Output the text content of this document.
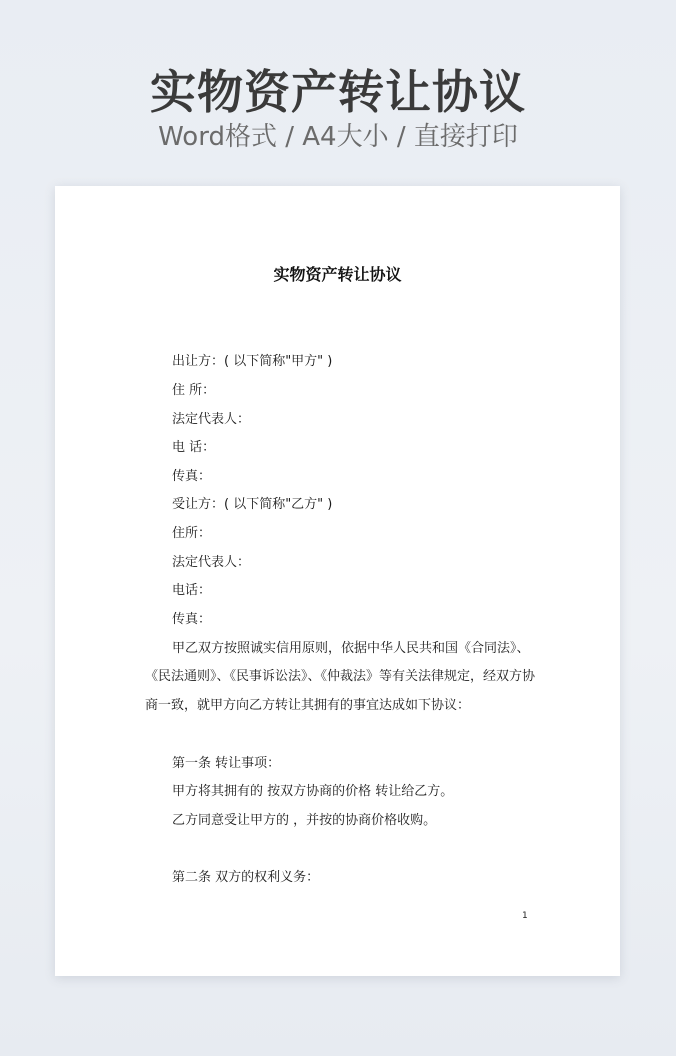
实物资产转让协议
Word格式 / A4大小 / 直接打印
实物资产转让协议
出让方：( 以下简称"甲方" )
住 所：
法定代表人：
电 话：
传真：
受让方：( 以下简称"乙方" )
住所：
法定代表人：
电话：
传真：
甲乙双方按照诚实信用原则，依据中华人民共和国《合同法》、
《民法通则》、《民事诉讼法》、《仲裁法》等有关法律规定，经双方协
商一致，就甲方向乙方转让其拥有的事宜达成如下协议：
第一条 转让事项：
甲方将其拥有的 按双方协商的价格 转让给乙方。
乙方同意受让甲方的 ，并按的协商价格收购。
第二条 双方的权利义务：
1
